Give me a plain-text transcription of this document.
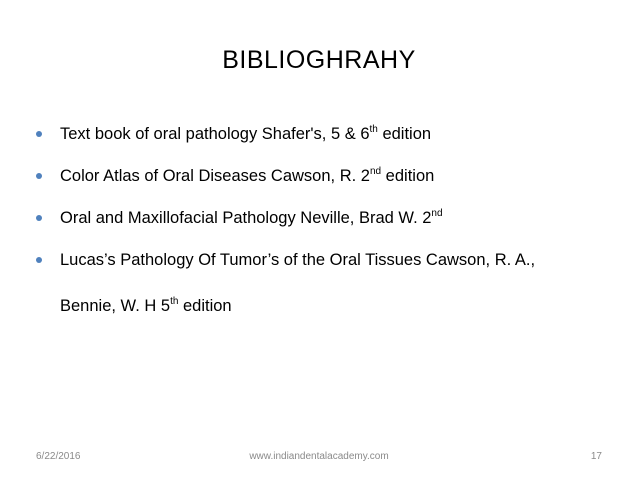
BIBLIOGHRAHY
Text book of oral pathology Shafer's, 5 & 6th edition
Color Atlas of Oral Diseases Cawson, R. 2nd edition
Oral and Maxillofacial Pathology Neville, Brad W. 2nd
Lucas’s Pathology Of Tumor’s of the Oral Tissues Cawson, R. A.,
Bennie, W. H 5th edition
6/22/2016	www.indiandentalacademy.com	17
